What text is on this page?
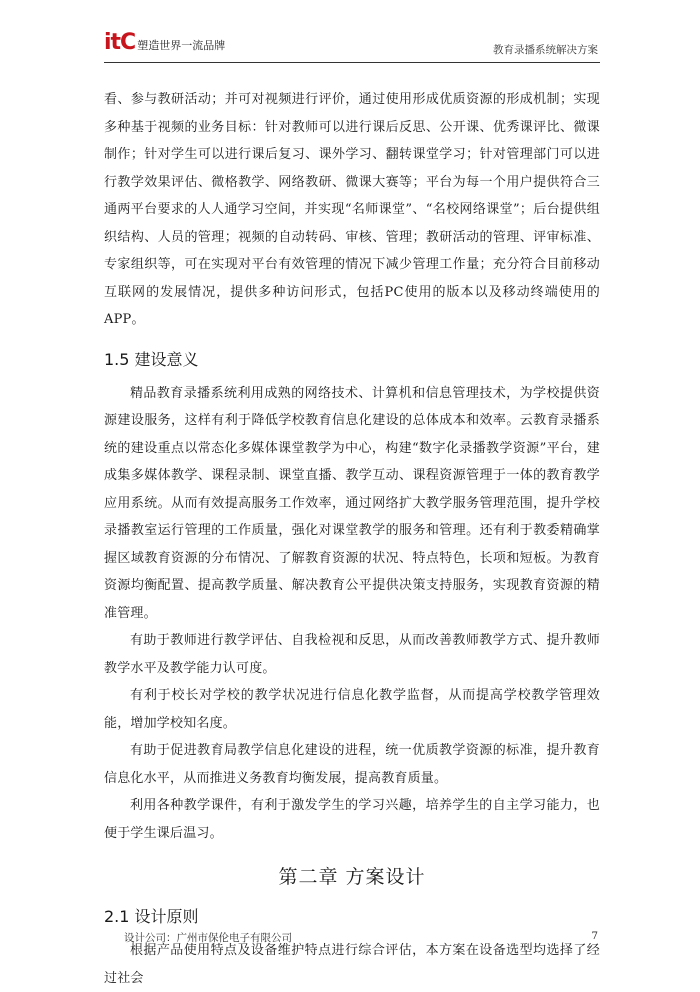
itC 塑造世界一流品牌	教育录播系统解决方案

看、参与教研活动；并可对视频进行评价，通过使用形成优质资源的形成机制；实现多种基于视频的业务目标：针对教师可以进行课后反思、公开课、优秀课评比、微课制作；针对学生可以进行课后复习、课外学习、翻转课堂学习；针对管理部门可以进行教学效果评估、微格教学、网络教研、微课大赛等；平台为每一个用户提供符合三通两平台要求的人人通学习空间，并实现“名师课堂”、“名校网络课堂”；后台提供组织结构、人员的管理；视频的自动转码、审核、管理；教研活动的管理、评审标准、专家组织等，可在实现对平台有效管理的情况下减少管理工作量；充分符合目前移动互联网的发展情况，提供多种访问形式，包括PC使用的版本以及移动终端使用的APP。

1.5 建设意义

精品教育录播系统利用成熟的网络技术、计算机和信息管理技术，为学校提供资源建设服务，这样有利于降低学校教育信息化建设的总体成本和效率。云教育录播系统的建设重点以常态化多媒体课堂教学为中心，构建“数字化录播教学资源”平台，建成集多媒体教学、课程录制、课堂直播、教学互动、课程资源管理于一体的教育教学应用系统。从而有效提高服务工作效率，通过网络扩大教学服务管理范围，提升学校录播教室运行管理的工作质量，强化对课堂教学的服务和管理。还有利于教委精确掌握区域教育资源的分布情况、了解教育资源的状况、特点特色，长项和短板。为教育资源均衡配置、提高教学质量、解决教育公平提供决策支持服务，实现教育资源的精准管理。

有助于教师进行教学评估、自我检视和反思，从而改善教师教学方式、提升教师教学水平及教学能力认可度。

有利于校长对学校的教学状况进行信息化教学监督，从而提高学校教学管理效能，增加学校知名度。

有助于促进教育局教学信息化建设的进程，统一优质教学资源的标准，提升教育信息化水平，从而推进义务教育均衡发展，提高教育质量。

利用各种教学课件，有利于激发学生的学习兴趣，培养学生的自主学习能力，也便于学生课后温习。

第二章 方案设计
2.1 设计原则

根据产品使用特点及设备维护特点进行综合评估，本方案在设备选型均选择了经过社会

设计公司：广州市保伦电子有限公司	7
